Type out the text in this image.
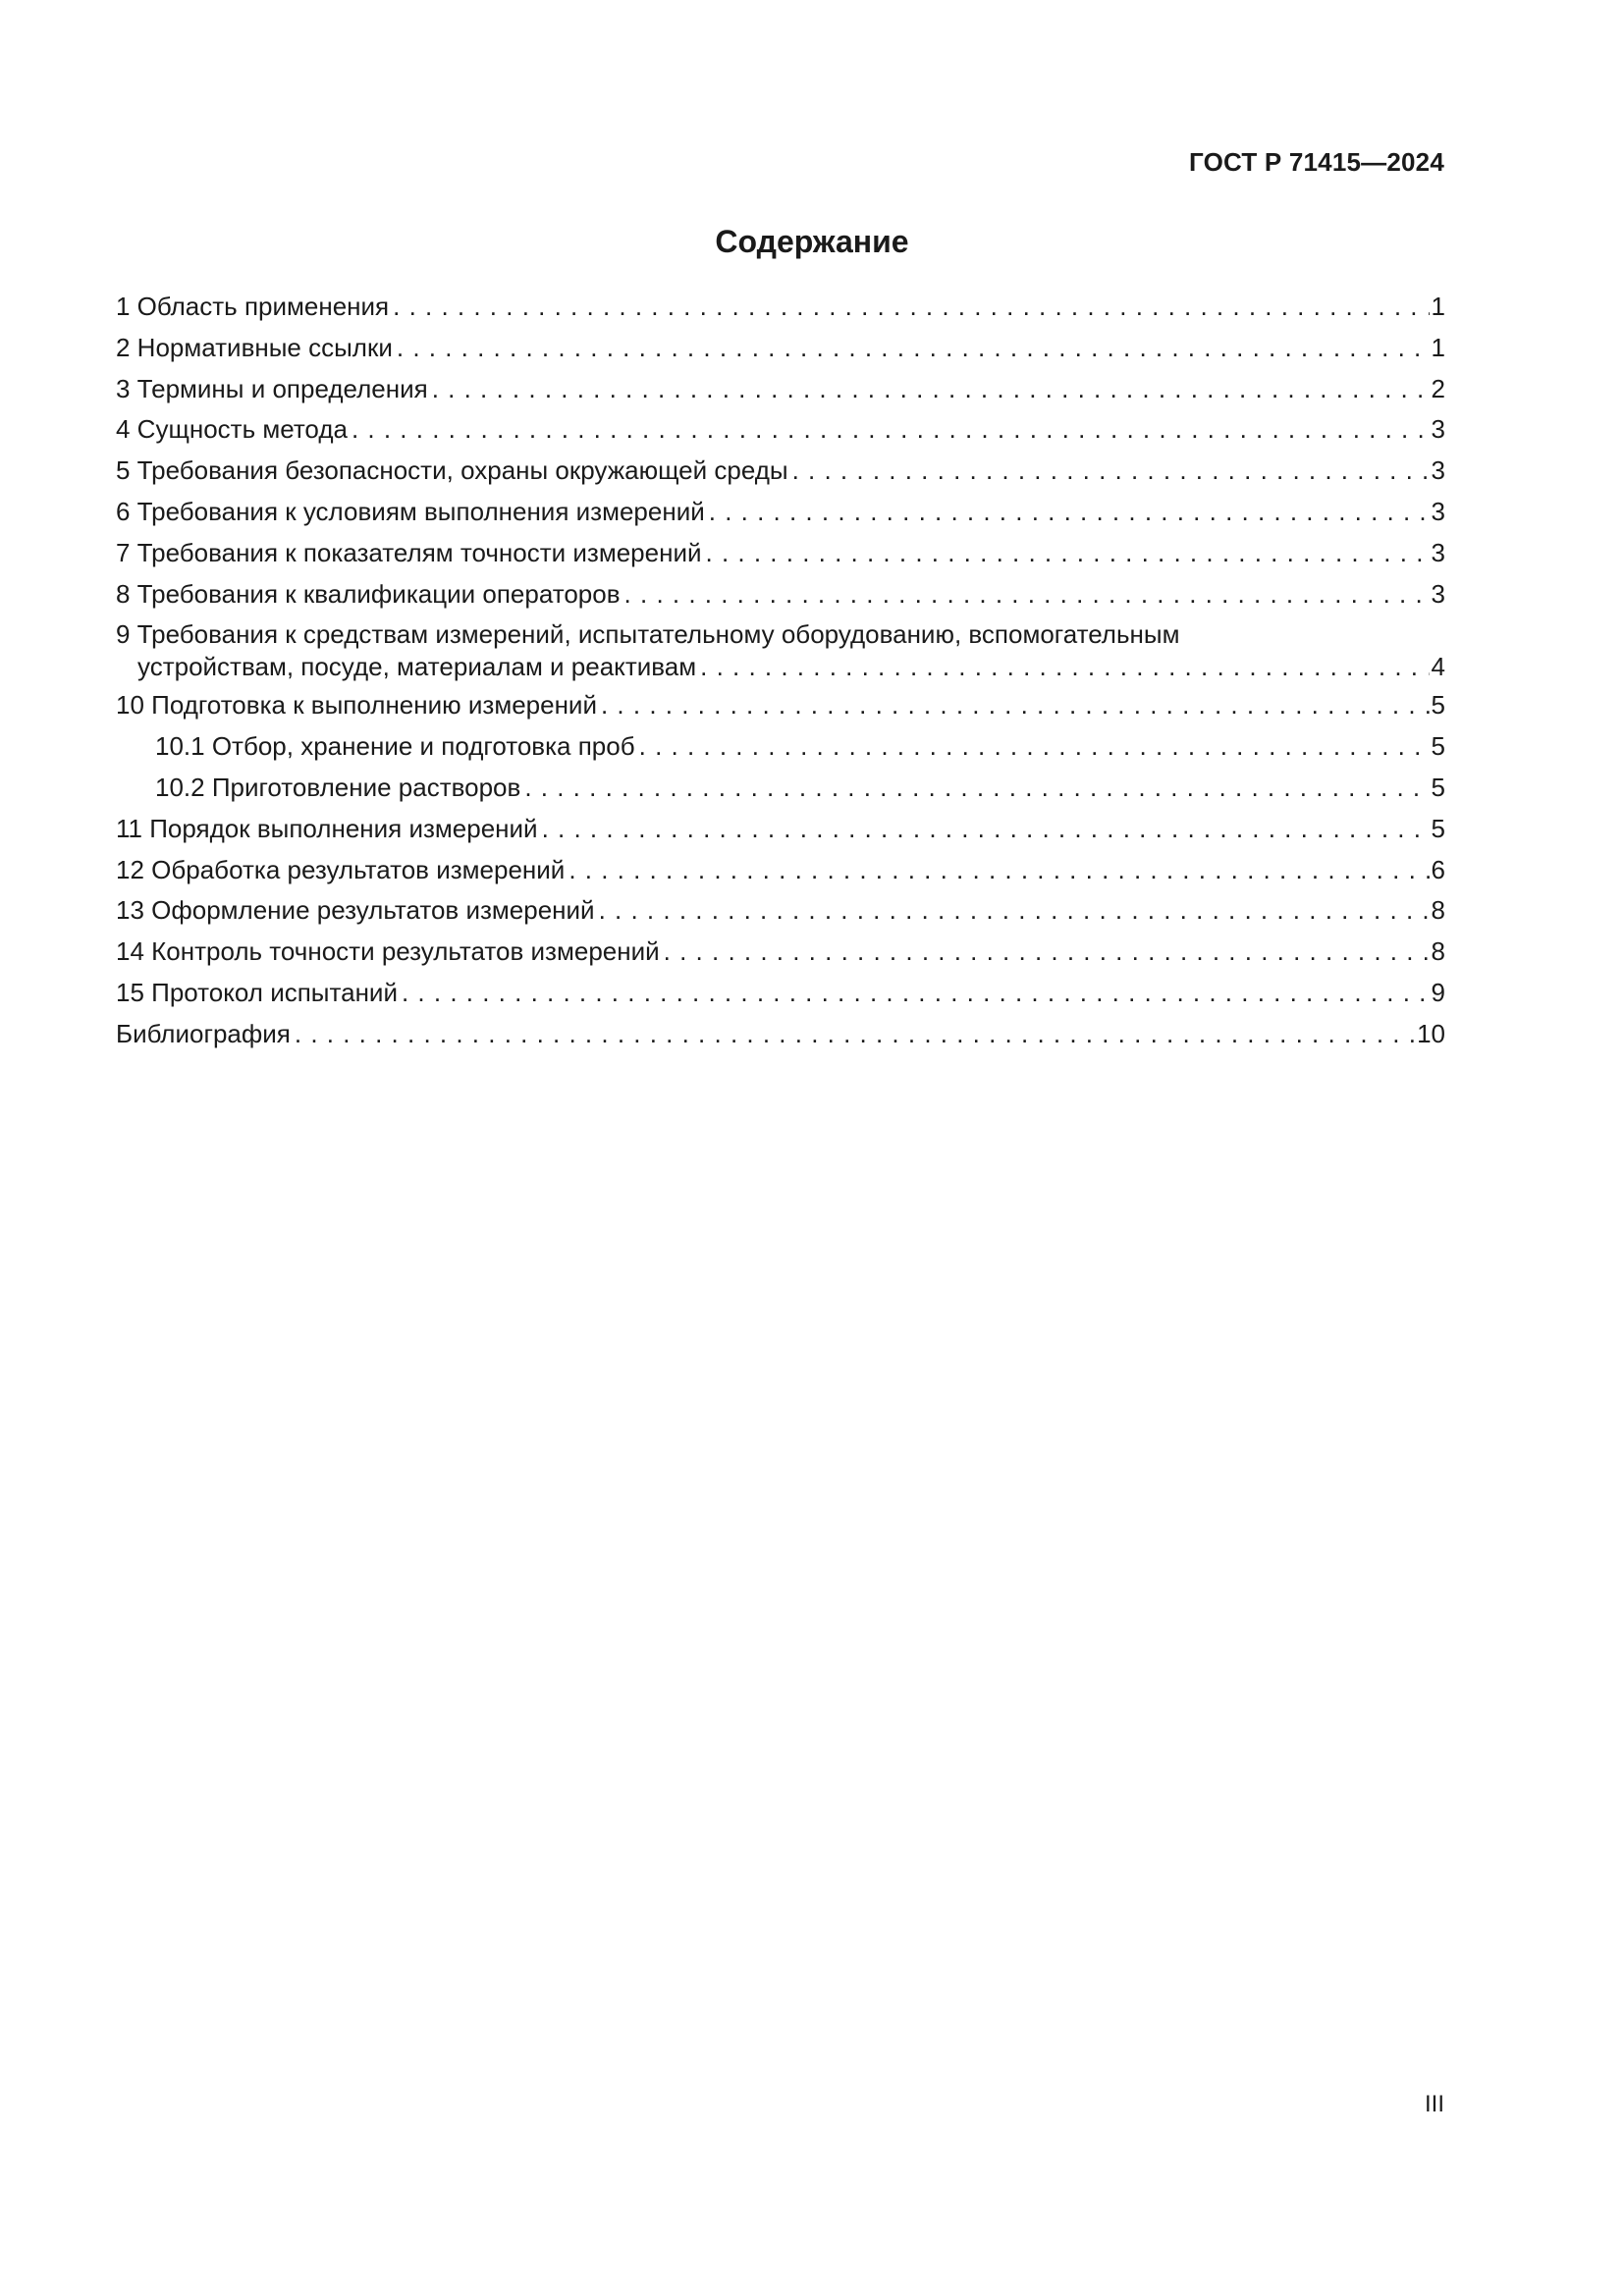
ГОСТ Р 71415—2024
Содержание
1 Область применения . . .	1
2 Нормативные ссылки . . .	1
3 Термины и определения . . .	2
4 Сущность метода . . .	3
5 Требования безопасности, охраны окружающей среды . . .	3
6 Требования к условиям выполнения измерений . . .	3
7 Требования к показателям точности измерений . . .	3
8 Требования к квалификации операторов . . .	3
9 Требования к средствам измерений, испытательному оборудованию, вспомогательным
устройствам, посуде, материалам и реактивам . . .	4
10 Подготовка к выполнению измерений . . .	5
10.1 Отбор, хранение и подготовка проб . . .	5
10.2 Приготовление растворов . . .	5
11 Порядок выполнения измерений . . .	5
12 Обработка результатов измерений . . .	6
13 Оформление результатов измерений . . .	8
14 Контроль точности результатов измерений . . .	8
15 Протокол испытаний . . .	9
Библиография . . .	10
III
